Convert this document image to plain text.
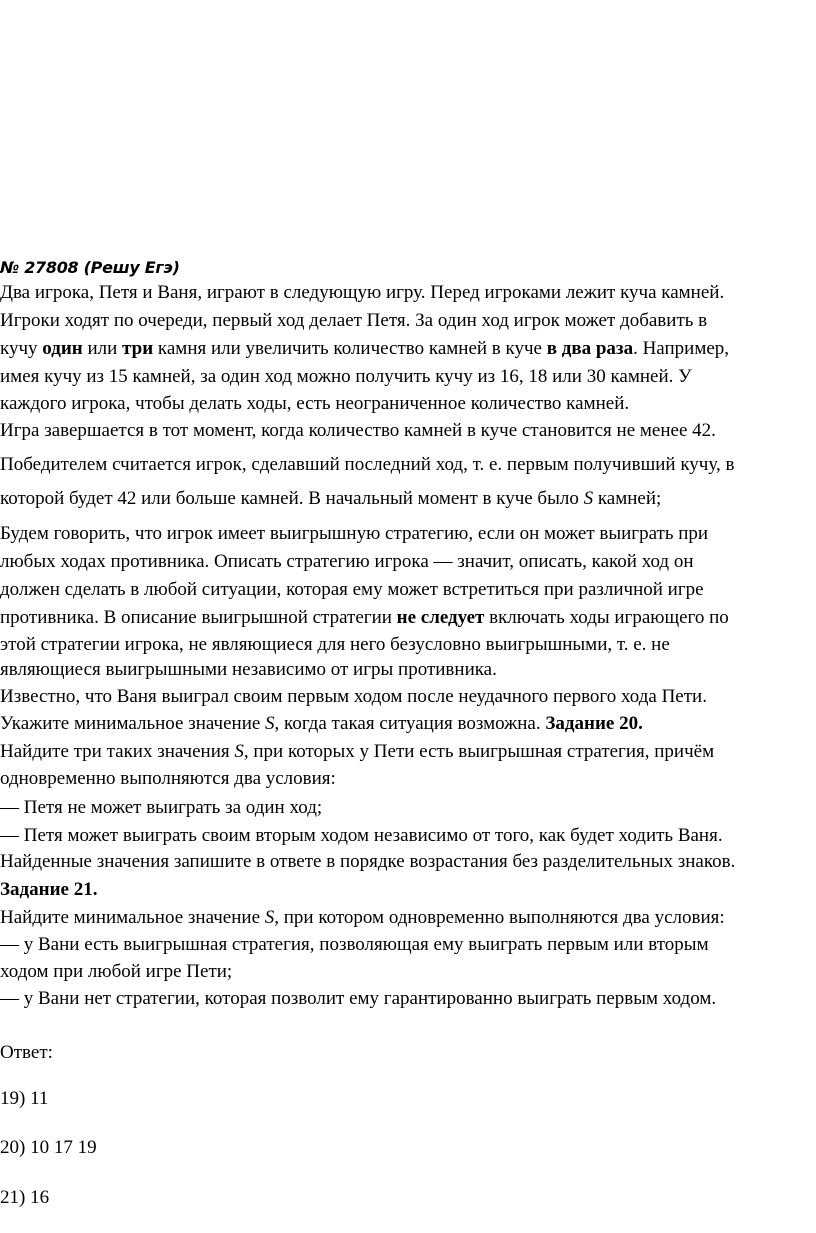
№ 27808 (Решу Егэ)
Два игрока, Петя и Ваня, играют в следующую игру. Перед игроками лежит куча камней.
Игроки ходят по очереди, первый ход делает Петя. За один ход игрок может добавить в
кучу один или три камня или увеличить количество камней в куче в два раза. Например,
имея кучу из 15 камней, за один ход можно получить кучу из 16, 18 или 30 камней. У
каждого игрока, чтобы делать ходы, есть неограниченное количество камней.
Игра завершается в тот момент, когда количество камней в куче становится не менее 42.
Победителем считается игрок, сделавший последний ход, т. е. первым получивший кучу, в
которой будет 42 или больше камней. В начальный момент в куче было S камней;
Будем говорить, что игрок имеет выигрышную стратегию, если он может выиграть при
любых ходах противника. Описать стратегию игрока — значит, описать, какой ход он
должен сделать в любой ситуации, которая ему может встретиться при различной игре
противника. В описание выигрышной стратегии не следует включать ходы играющего по
этой стратегии игрока, не являющиеся для него безусловно выигрышными, т. е. не
являющиеся выигрышными независимо от игры противника.
Известно, что Ваня выиграл своим первым ходом после неудачного первого хода Пети.
Укажите минимальное значение S, когда такая ситуация возможна. Задание 20.
Найдите три таких значения S, при которых у Пети есть выигрышная стратегия, причём
одновременно выполняются два условия:
— Петя не может выиграть за один ход;
— Петя может выиграть своим вторым ходом независимо от того, как будет ходить Ваня.
Найденные значения запишите в ответе в порядке возрастания без разделительных знаков.
Задание 21.
Найдите минимальное значение S, при котором одновременно выполняются два условия:
— у Вани есть выигрышная стратегия, позволяющая ему выиграть первым или вторым
ходом при любой игре Пети;
— у Вани нет стратегии, которая позволит ему гарантированно выиграть первым ходом.
Ответ:
19) 11
20) 10 17 19
21) 16
